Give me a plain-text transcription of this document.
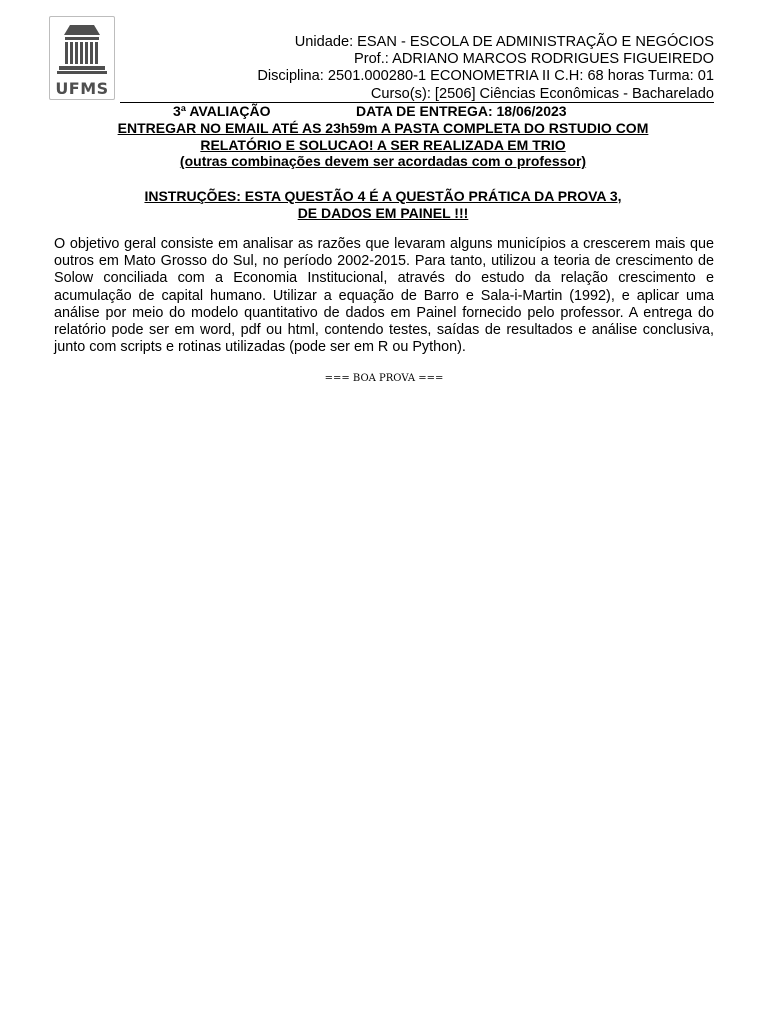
UFMS
Unidade: ESAN - ESCOLA DE ADMINISTRAÇÃO E NEGÓCIOS
Prof.: ADRIANO MARCOS RODRIGUES FIGUEIREDO
Disciplina: 2501.000280-1 ECONOMETRIA II C.H: 68 horas Turma: 01
Curso(s): [2506] Ciências Econômicas - Bacharelado
3ª AVALIAÇÃO	DATA DE ENTREGA: 18/06/2023
ENTREGAR NO EMAIL ATÉ AS 23h59m A PASTA COMPLETA DO RSTUDIO COM
RELATÓRIO E SOLUCAO! A SER REALIZADA EM TRIO
(outras combinações devem ser acordadas com o professor)
INSTRUÇÕES: ESTA QUESTÃO 4 É A QUESTÃO PRÁTICA DA PROVA 3,
DE DADOS EM PAINEL !!!
O objetivo geral consiste em analisar as razões que levaram alguns municípios a crescerem mais que outros em Mato Grosso do Sul, no período 2002-2015. Para tanto, utilizou a teoria de crescimento de Solow conciliada com a Economia Institucional, através do estudo da relação crescimento e acumulação de capital humano. Utilizar a equação de Barro e Sala-i-Martin (1992), e aplicar uma análise por meio do modelo quantitativo de dados em Painel fornecido pelo professor. A entrega do relatório pode ser em word, pdf ou html, contendo testes, saídas de resultados e análise conclusiva, junto com scripts e rotinas utilizadas (pode ser em R ou Python).
=== BOA PROVA ===
